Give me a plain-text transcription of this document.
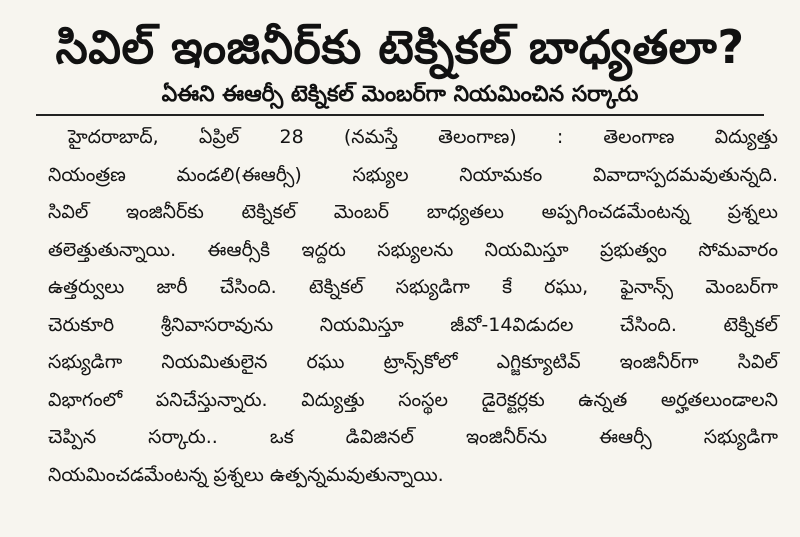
సివిల్ ఇంజినీర్‌కు టెక్నికల్ బాధ్యతలా?
ఏఈని ఈఆర్సీ టెక్నికల్ మెంబర్‌గా నియమించిన సర్కారు
హైదరాబాద్, ఏప్రిల్ 28 (నమస్తే తెలంగాణ) : తెలంగాణ విద్యుత్తు
నియంత్రణ మండలి(ఈఆర్సీ) సభ్యుల నియామకం వివాదాస్పదమవుతున్నది.
సివిల్ ఇంజినీర్‌కు టెక్నికల్ మెంబర్ బాధ్యతలు అప్పగించడమేంటన్న ప్రశ్నలు
తలెత్తుతున్నాయి. ఈఆర్సీకి ఇద్దరు సభ్యులను నియమిస్తూ ప్రభుత్వం సోమవారం
ఉత్తర్వులు జారీ చేసింది. టెక్నికల్ సభ్యుడిగా కే రఘు, ఫైనాన్స్ మెంబర్‌గా
చెరుకూరి శ్రీనివాసరావును నియమిస్తూ జీవో-14విడుదల చేసింది. టెక్నికల్
సభ్యుడిగా నియమితులైన రఘు ట్రాన్స్‌కోలో ఎగ్జిక్యూటివ్ ఇంజినీర్‌గా సివిల్
విభాగంలో పనిచేస్తున్నారు. విద్యుత్తు సంస్థల డైరెక్టర్లకు ఉన్నత అర్హతలుండాలని
చెప్పిన సర్కారు.. ఒక డివిజినల్ ఇంజినీర్‌ను ఈఆర్సీ సభ్యుడిగా
నియమించడమేంటన్న ప్రశ్నలు ఉత్పన్నమవుతున్నాయి.
